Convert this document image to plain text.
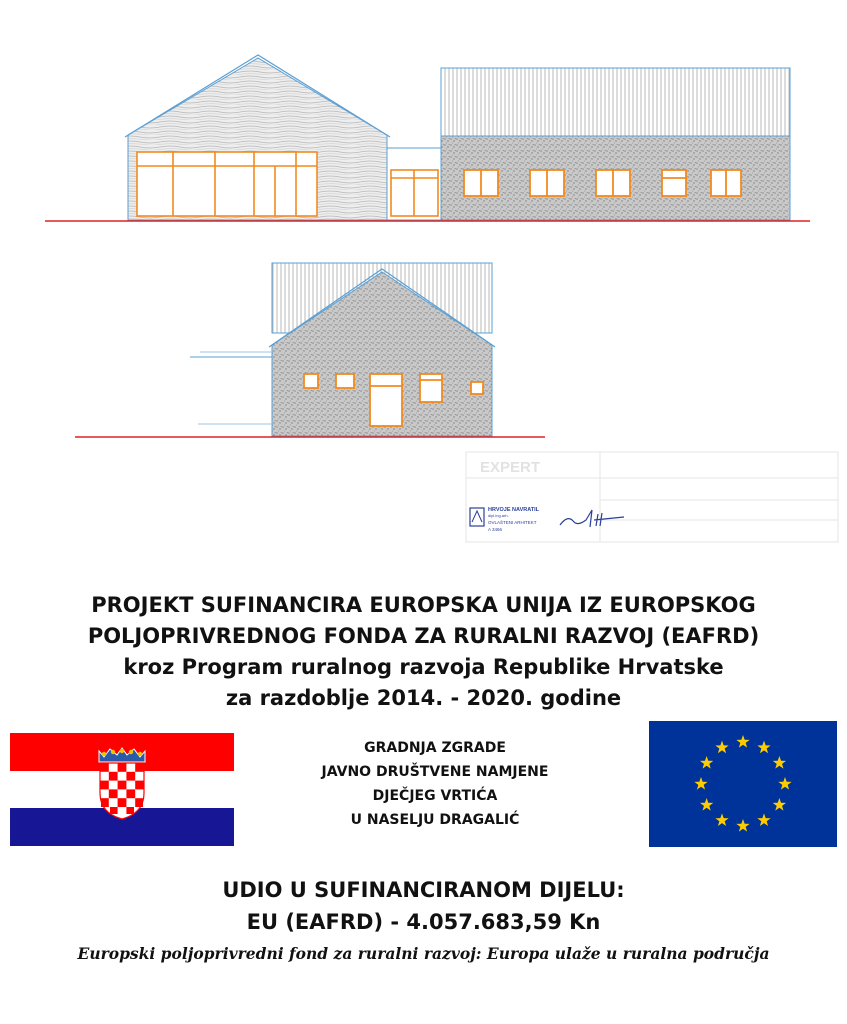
EXPERT
HRVOJE NAVRATIL
dipl.ing.arh.
OVLAŠTENI ARHITEKT
A 3466
PROJEKT SUFINANCIRA EUROPSKA UNIJA IZ EUROPSKOG
POLJOPRIVREDNOG FONDA ZA RURALNI RAZVOJ (EAFRD)
kroz Program ruralnog razvoja Republike Hrvatske
za razdoblje 2014. - 2020. godine
GRADNJA ZGRADE
JAVNO DRUŠTVENE NAMJENE
DJEČJEG VRTIĆA
U NASELJU DRAGALIĆ
UDIO U SUFINANCIRANOM DIJELU:
EU (EAFRD) - 4.057.683,59 Kn
Europski poljoprivredni fond za ruralni razvoj: Europa ulaže u ruralna područja
